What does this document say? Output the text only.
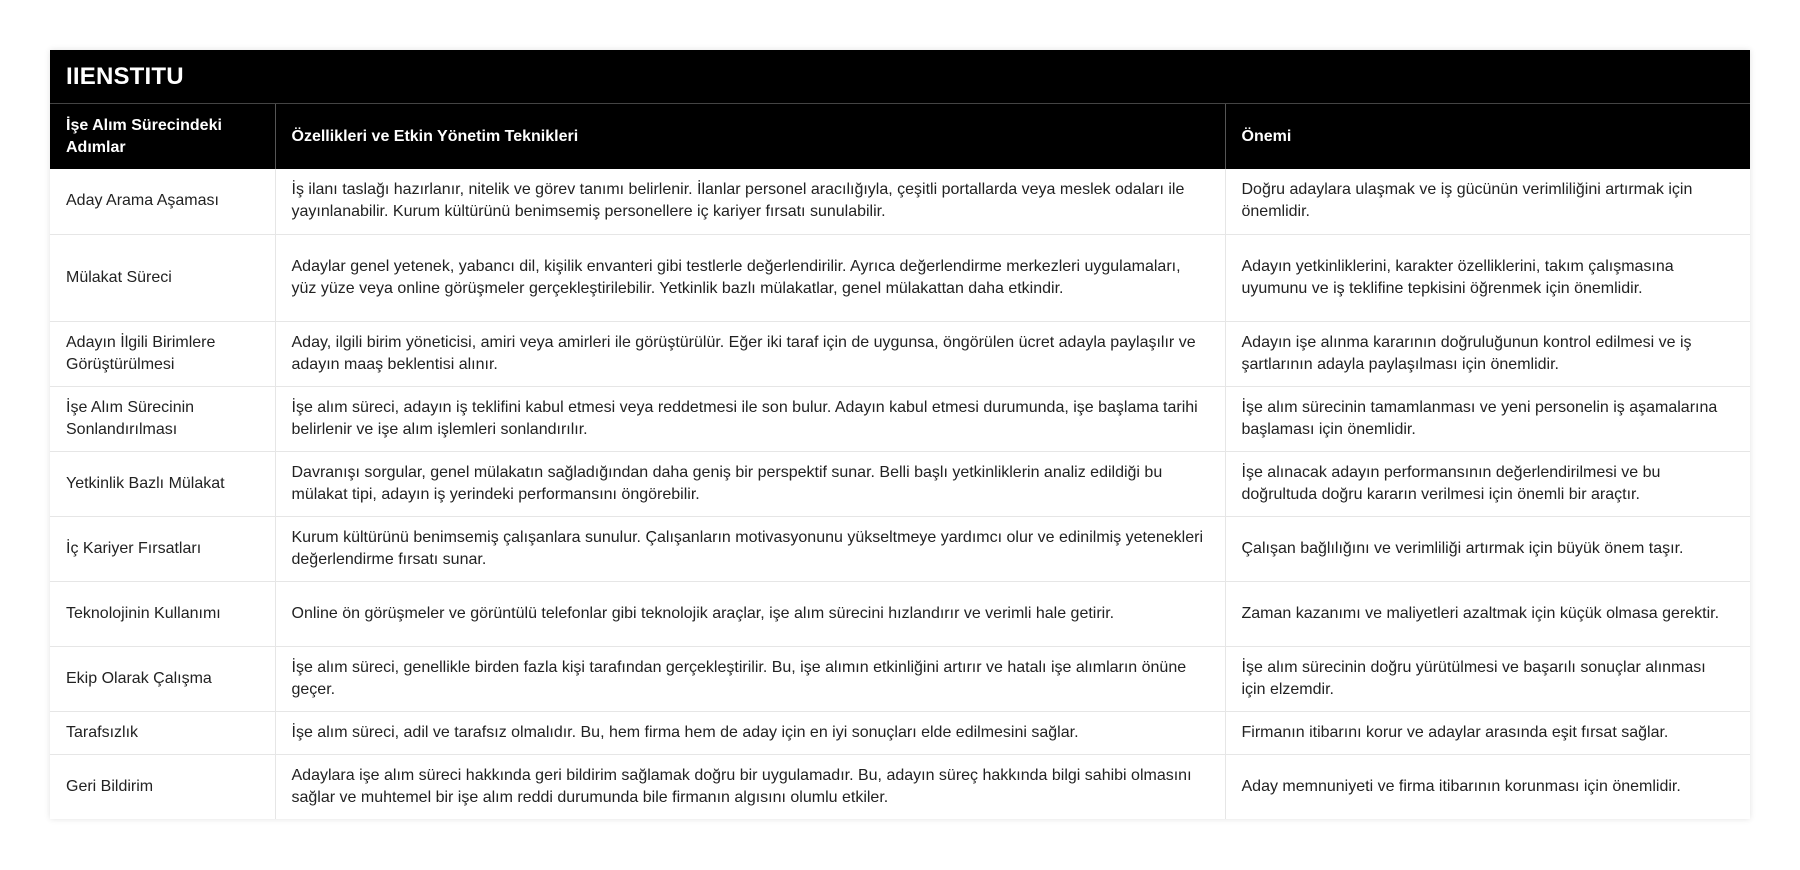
IIENSTITU
İşe Alım Sürecindeki Adımlar	Özellikleri ve Etkin Yönetim Teknikleri	Önemi
Aday Arama Aşaması	İş ilanı taslağı hazırlanır, nitelik ve görev tanımı belirlenir. İlanlar personel aracılığıyla, çeşitli portallarda veya meslek odaları ile yayınlanabilir. Kurum kültürünü benimsemiş personellere iç kariyer fırsatı sunulabilir.	Doğru adaylara ulaşmak ve iş gücünün verimliliğini artırmak için önemlidir.
Mülakat Süreci	Adaylar genel yetenek, yabancı dil, kişilik envanteri gibi testlerle değerlendirilir. Ayrıca değerlendirme merkezleri uygulamaları, yüz yüze veya online görüşmeler gerçekleştirilebilir. Yetkinlik bazlı mülakatlar, genel mülakattan daha etkindir.	Adayın yetkinliklerini, karakter özelliklerini, takım çalışmasına uyumunu ve iş teklifine tepkisini öğrenmek için önemlidir.
Adayın İlgili Birimlere Görüştürülmesi	Aday, ilgili birim yöneticisi, amiri veya amirleri ile görüştürülür. Eğer iki taraf için de uygunsa, öngörülen ücret adayla paylaşılır ve adayın maaş beklentisi alınır.	Adayın işe alınma kararının doğruluğunun kontrol edilmesi ve iş şartlarının adayla paylaşılması için önemlidir.
İşe Alım Sürecinin Sonlandırılması	İşe alım süreci, adayın iş teklifini kabul etmesi veya reddetmesi ile son bulur. Adayın kabul etmesi durumunda, işe başlama tarihi belirlenir ve işe alım işlemleri sonlandırılır.	İşe alım sürecinin tamamlanması ve yeni personelin iş aşamalarına başlaması için önemlidir.
Yetkinlik Bazlı Mülakat	Davranışı sorgular, genel mülakatın sağladığından daha geniş bir perspektif sunar. Belli başlı yetkinliklerin analiz edildiği bu mülakat tipi, adayın iş yerindeki performansını öngörebilir.	İşe alınacak adayın performansının değerlendirilmesi ve bu doğrultuda doğru kararın verilmesi için önemli bir araçtır.
İç Kariyer Fırsatları	Kurum kültürünü benimsemiş çalışanlara sunulur. Çalışanların motivasyonunu yükseltmeye yardımcı olur ve edinilmiş yetenekleri değerlendirme fırsatı sunar.	Çalışan bağlılığını ve verimliliği artırmak için büyük önem taşır.
Teknolojinin Kullanımı	Online ön görüşmeler ve görüntülü telefonlar gibi teknolojik araçlar, işe alım sürecini hızlandırır ve verimli hale getirir.	Zaman kazanımı ve maliyetleri azaltmak için küçük olmasa gerektir.
Ekip Olarak Çalışma	İşe alım süreci, genellikle birden fazla kişi tarafından gerçekleştirilir. Bu, işe alımın etkinliğini artırır ve hatalı işe alımların önüne geçer.	İşe alım sürecinin doğru yürütülmesi ve başarılı sonuçlar alınması için elzemdir.
Tarafsızlık	İşe alım süreci, adil ve tarafsız olmalıdır. Bu, hem firma hem de aday için en iyi sonuçları elde edilmesini sağlar.	Firmanın itibarını korur ve adaylar arasında eşit fırsat sağlar.
Geri Bildirim	Adaylara işe alım süreci hakkında geri bildirim sağlamak doğru bir uygulamadır. Bu, adayın süreç hakkında bilgi sahibi olmasını sağlar ve muhtemel bir işe alım reddi durumunda bile firmanın algısını olumlu etkiler.	Aday memnuniyeti ve firma itibarının korunması için önemlidir.
